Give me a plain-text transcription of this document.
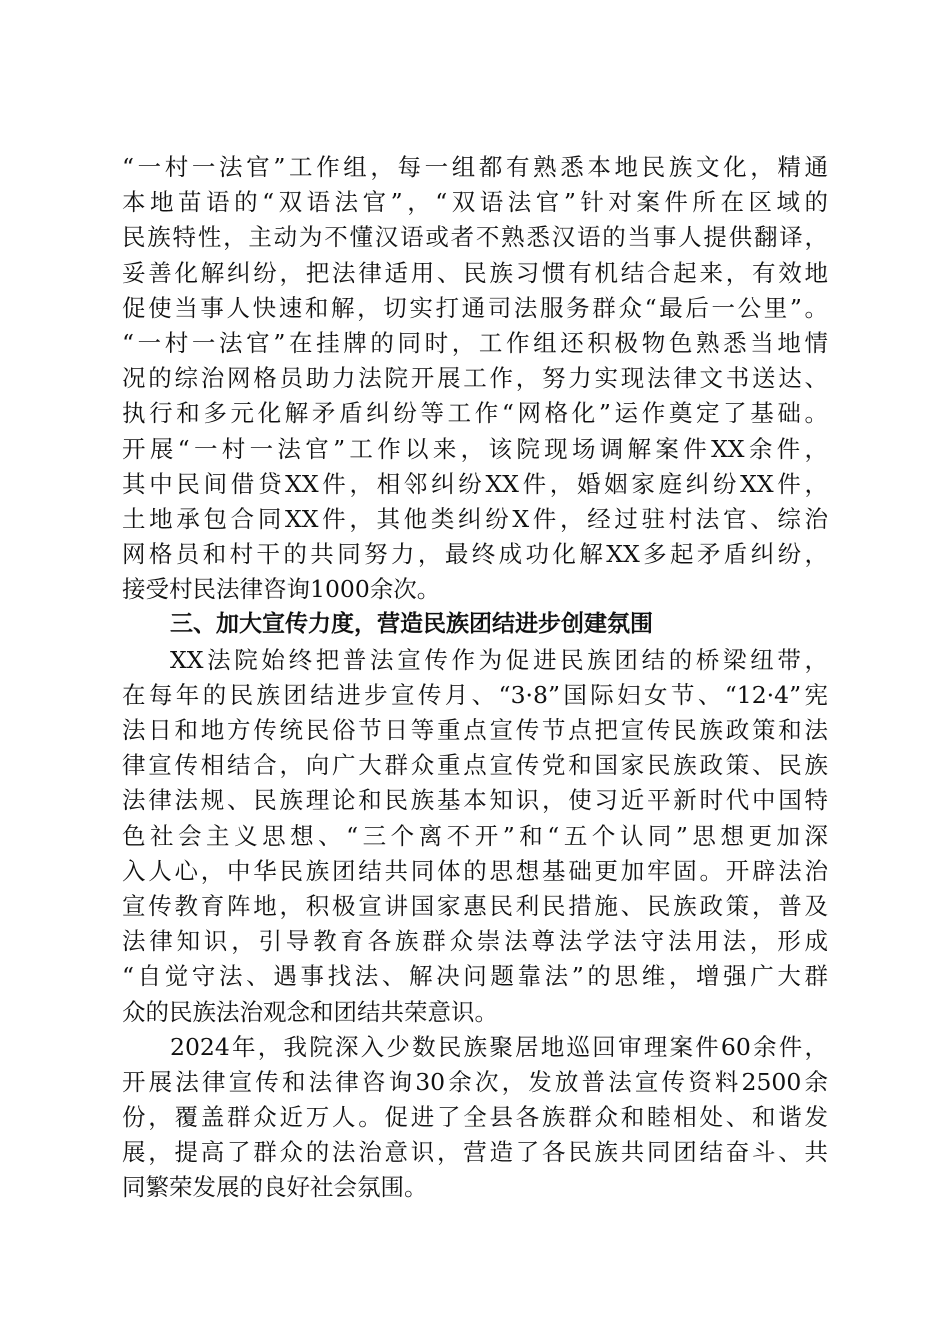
“一村一法官”工作组，每一组都有熟悉本地民族文化，精通
本地苗语的“双语法官”，“双语法官”针对案件所在区域的
民族特性，主动为不懂汉语或者不熟悉汉语的当事人提供翻译，
妥善化解纠纷，把法律适用、民族习惯有机结合起来，有效地
促使当事人快速和解，切实打通司法服务群众“最后一公里”。
“一村一法官”在挂牌的同时，工作组还积极物色熟悉当地情
况的综治网格员助力法院开展工作，努力实现法律文书送达、
执行和多元化解矛盾纠纷等工作“网格化”运作奠定了基础。
开展“一村一法官”工作以来，该院现场调解案件XX余件，
其中民间借贷XX件，相邻纠纷XX件，婚姻家庭纠纷XX件，
土地承包合同XX件，其他类纠纷X件，经过驻村法官、综治
网格员和村干的共同努力，最终成功化解XX多起矛盾纠纷，
接受村民法律咨询1000余次。
三、加大宣传力度，营造民族团结进步创建氛围
XX法院始终把普法宣传作为促进民族团结的桥梁纽带，
在每年的民族团结进步宣传月、“3·8”国际妇女节、“12·4”宪
法日和地方传统民俗节日等重点宣传节点把宣传民族政策和法
律宣传相结合，向广大群众重点宣传党和国家民族政策、民族
法律法规、民族理论和民族基本知识，使习近平新时代中国特
色社会主义思想、“三个离不开”和“五个认同”思想更加深
入人心，中华民族团结共同体的思想基础更加牢固。开辟法治
宣传教育阵地，积极宣讲国家惠民利民措施、民族政策，普及
法律知识，引导教育各族群众崇法尊法学法守法用法，形成
“自觉守法、遇事找法、解决问题靠法”的思维，增强广大群
众的民族法治观念和团结共荣意识。
2024年，我院深入少数民族聚居地巡回审理案件60余件，
开展法律宣传和法律咨询30余次，发放普法宣传资料2500余
份，覆盖群众近万人。促进了全县各族群众和睦相处、和谐发
展，提高了群众的法治意识，营造了各民族共同团结奋斗、共
同繁荣发展的良好社会氛围。
